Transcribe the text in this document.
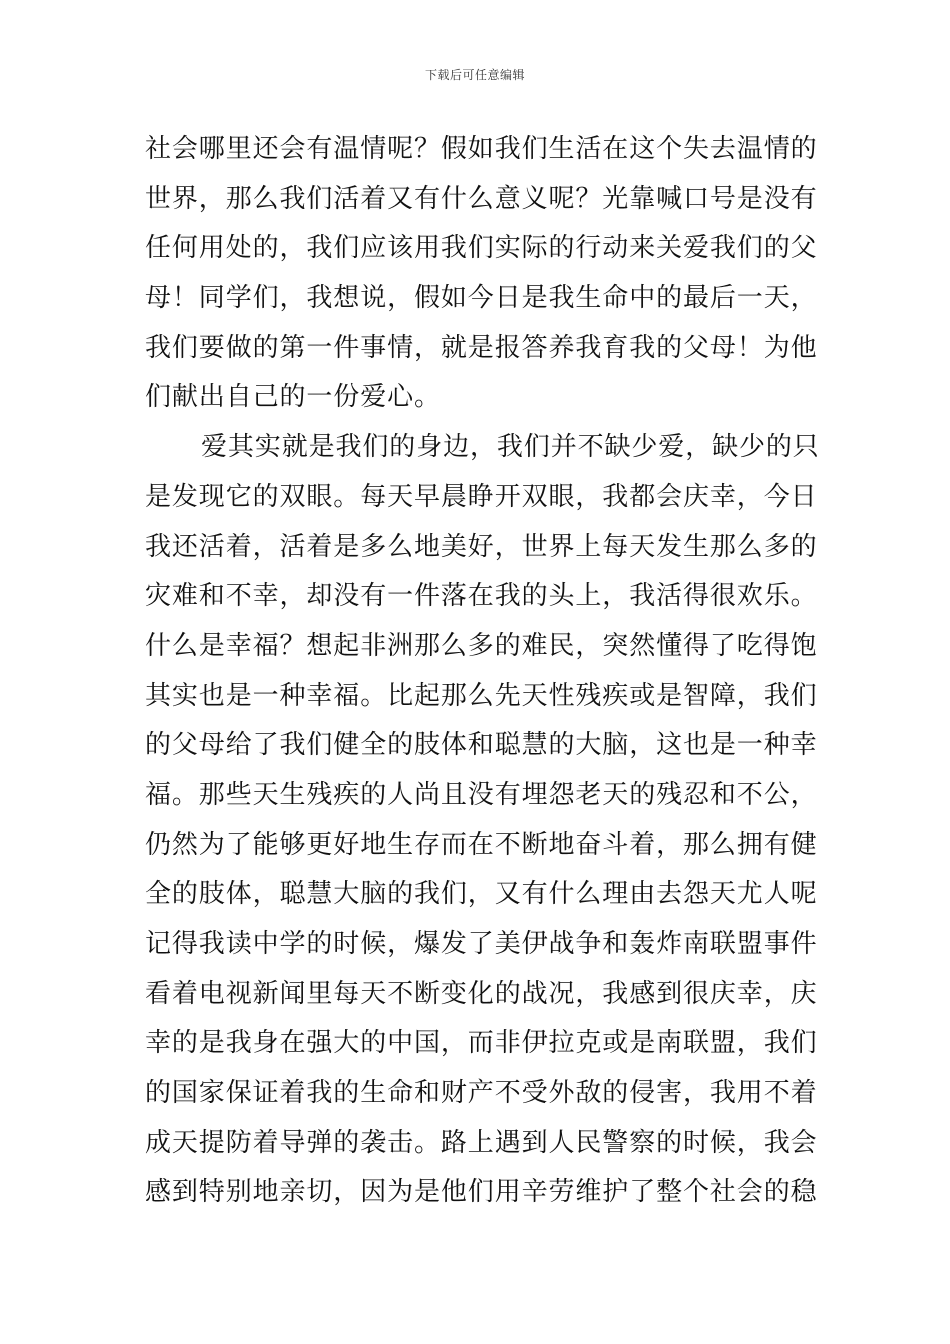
下载后可任意编辑
社会哪里还会有温情呢？假如我们生活在这个失去温情的
世界，那么我们活着又有什么意义呢？光靠喊口号是没有
任何用处的，我们应该用我们实际的行动来关爱我们的父
母！同学们，我想说，假如今日是我生命中的最后一天，
我们要做的第一件事情，就是报答养我育我的父母！为他
们献出自己的一份爱心。
爱其实就是我们的身边，我们并不缺少爱，缺少的只
是发现它的双眼。每天早晨睁开双眼，我都会庆幸，今日
我还活着，活着是多么地美好，世界上每天发生那么多的
灾难和不幸，却没有一件落在我的头上，我活得很欢乐。
什么是幸福？想起非洲那么多的难民，突然懂得了吃得饱
其实也是一种幸福。比起那么先天性残疾或是智障，我们
的父母给了我们健全的肢体和聪慧的大脑，这也是一种幸
福。那些天生残疾的人尚且没有埋怨老天的残忍和不公，
仍然为了能够更好地生存而在不断地奋斗着，那么拥有健
全的肢体，聪慧大脑的我们，又有什么理由去怨天尤人呢
记得我读中学的时候，爆发了美伊战争和轰炸南联盟事件
看着电视新闻里每天不断变化的战况，我感到很庆幸，庆
幸的是我身在强大的中国，而非伊拉克或是南联盟，我们
的国家保证着我的生命和财产不受外敌的侵害，我用不着
成天提防着导弹的袭击。路上遇到人民警察的时候，我会
感到特别地亲切，因为是他们用辛劳维护了整个社会的稳
